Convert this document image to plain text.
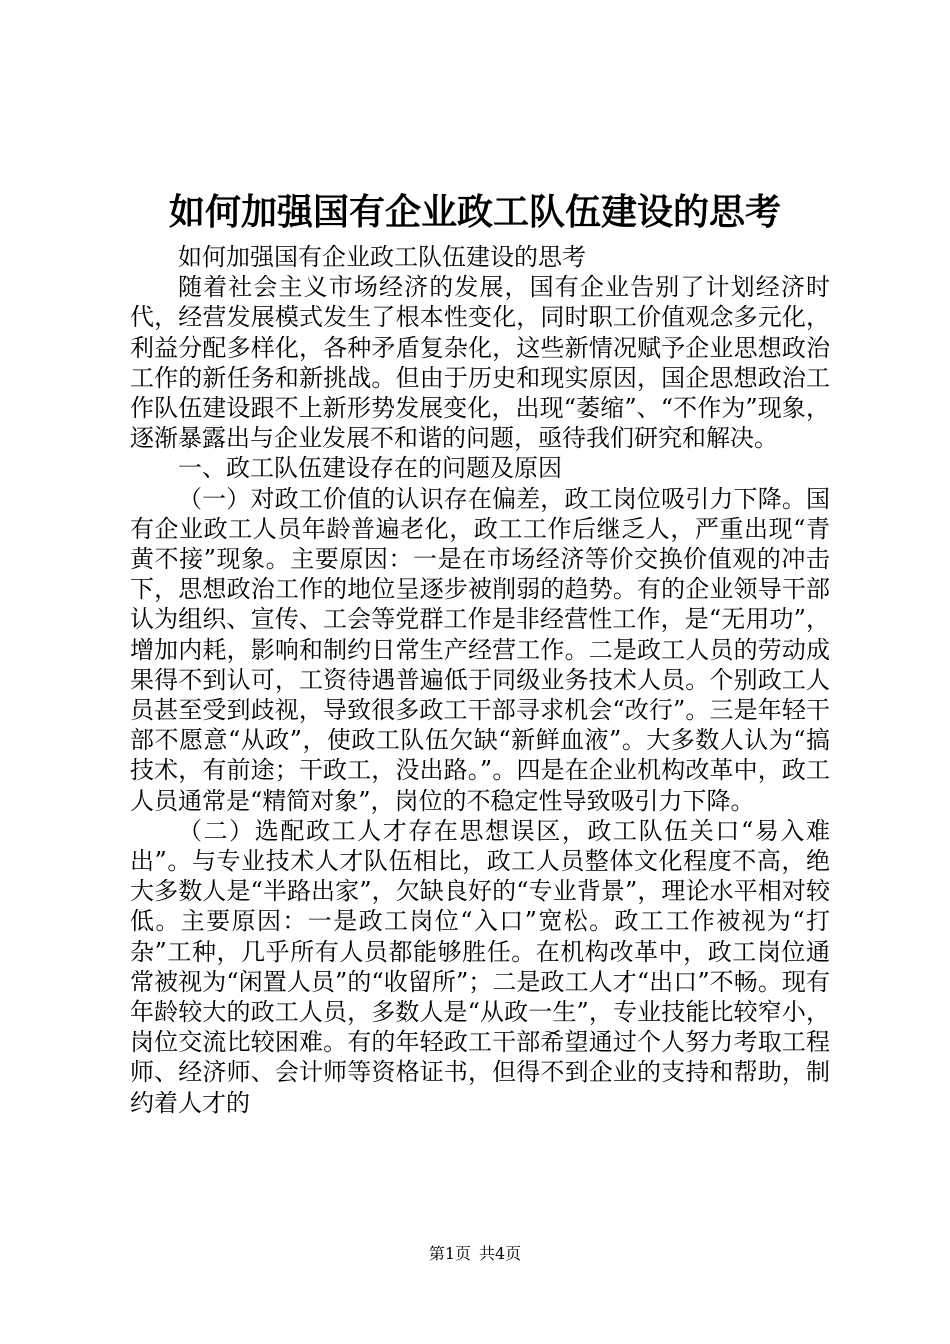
如何加强国有企业政工队伍建设的思考

如何加强国有企业政工队伍建设的思考

随着社会主义市场经济的发展，国有企业告别了计划经济时代，经营发展模式发生了根本性变化，同时职工价值观念多元化，利益分配多样化，各种矛盾复杂化，这些新情况赋予企业思想政治工作的新任务和新挑战。但由于历史和现实原因，国企思想政治工作队伍建设跟不上新形势发展变化，出现“萎缩”、“不作为”现象，逐渐暴露出与企业发展不和谐的问题，亟待我们研究和解决。

一、政工队伍建设存在的问题及原因

（一）对政工价值的认识存在偏差，政工岗位吸引力下降。国有企业政工人员年龄普遍老化，政工工作后继乏人，严重出现“青黄不接”现象。主要原因：一是在市场经济等价交换价值观的冲击下，思想政治工作的地位呈逐步被削弱的趋势。有的企业领导干部认为组织、宣传、工会等党群工作是非经营性工作，是“无用功”，增加内耗，影响和制约日常生产经营工作。二是政工人员的劳动成果得不到认可，工资待遇普遍低于同级业务技术人员。个别政工人员甚至受到歧视，导致很多政工干部寻求机会“改行”。三是年轻干部不愿意“从政”，使政工队伍欠缺“新鲜血液”。大多数人认为“搞技术，有前途；干政工，没出路。”。四是在企业机构改革中，政工人员通常是“精简对象”，岗位的不稳定性导致吸引力下降。

（二）选配政工人才存在思想误区，政工队伍关口“易入难出”。与专业技术人才队伍相比，政工人员整体文化程度不高，绝大多数人是“半路出家”，欠缺良好的“专业背景”，理论水平相对较低。主要原因：一是政工岗位“入口”宽松。政工工作被视为“打杂”工种，几乎所有人员都能够胜任。在机构改革中，政工岗位通常被视为“闲置人员”的“收留所”；二是政工人才“出口”不畅。现有年龄较大的政工人员，多数人是“从政一生”，专业技能比较窄小，岗位交流比较困难。有的年轻政工干部希望通过个人努力考取工程师、经济师、会计师等资格证书，但得不到企业的支持和帮助，制约着人才的

第1页 共4页
